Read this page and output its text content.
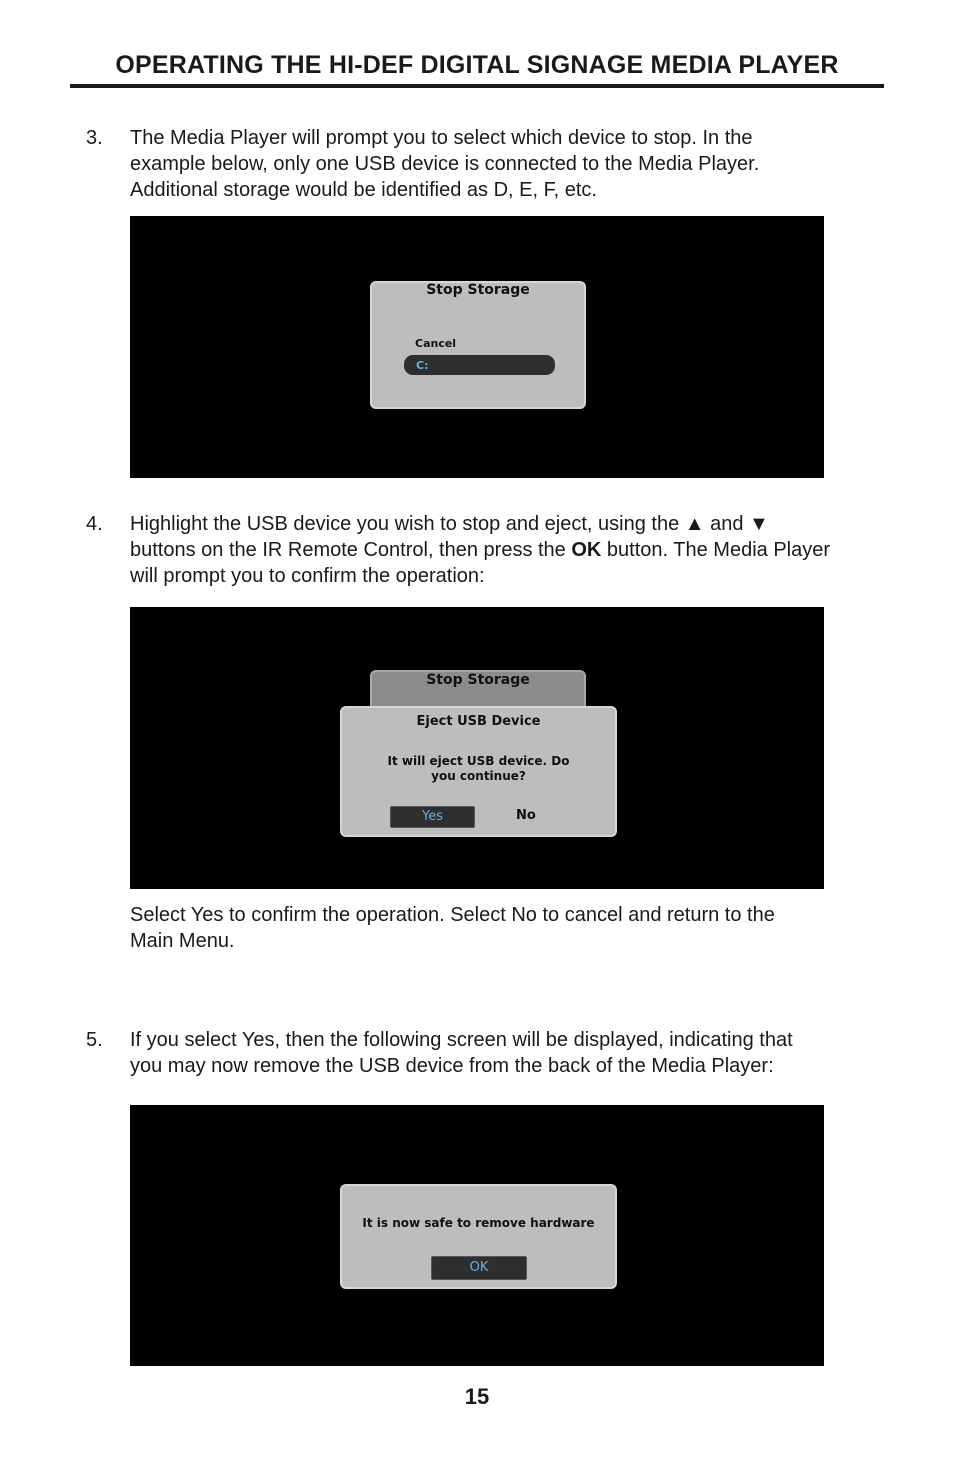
OPERATING THE HI-DEF DIGITAL SIGNAGE MEDIA PLAYER
3.	The Media Player will prompt you to select which device to stop. In the
example below, only one USB device is connected to the Media Player.
Additional storage would be identified as D, E, F, etc.
Stop Storage
Cancel
C:
4.	Highlight the USB device you wish to stop and eject, using the ▲ and ▼
buttons on the IR Remote Control, then press the OK button. The Media Player
will prompt you to confirm the operation:
Stop Storage
Eject USB Device
It will eject USB device. Do
you continue?
Yes	No
Select Yes to confirm the operation. Select No to cancel and return to the
Main Menu.
5.	If you select Yes, then the following screen will be displayed, indicating that
you may now remove the USB device from the back of the Media Player:
It is now safe to remove hardware
OK
15
